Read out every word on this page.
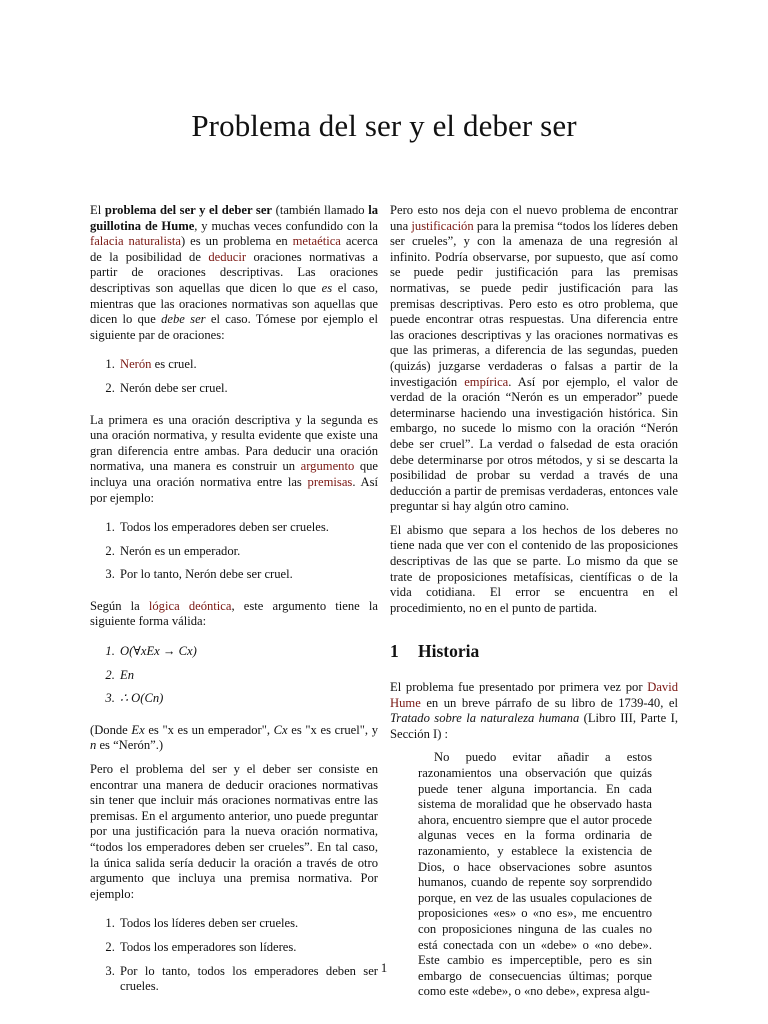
Problema del ser y el deber ser

El problema del ser y el deber ser (también llamado la guillotina de Hume, y muchas veces confundido con la falacia naturalista) es un problema en metaética acerca de la posibilidad de deducir oraciones normativas a partir de oraciones descriptivas. Las oraciones descriptivas son aquellas que dicen lo que es el caso, mientras que las oraciones normativas son aquellas que dicen lo que debe ser el caso. Tómese por ejemplo el siguiente par de oraciones:

1. Nerón es cruel.
2. Nerón debe ser cruel.

La primera es una oración descriptiva y la segunda es una oración normativa, y resulta evidente que existe una gran diferencia entre ambas. Para deducir una oración normativa, una manera es construir un argumento que incluya una oración normativa entre las premisas. Así por ejemplo:

1. Todos los emperadores deben ser crueles.
2. Nerón es un emperador.
3. Por lo tanto, Nerón debe ser cruel.

Según la lógica deóntica, este argumento tiene la siguiente forma válida:

1. O(∀xEx → Cx)
2. En
3. ∴ O(Cn)

(Donde Ex es "x es un emperador", Cx es "x es cruel", y n es “Nerón”.)

Pero el problema del ser y el deber ser consiste en encontrar una manera de deducir oraciones normativas sin tener que incluir más oraciones normativas entre las premisas. En el argumento anterior, uno puede preguntar por una justificación para la nueva oración normativa, “todos los emperadores deben ser crueles”. En tal caso, la única salida sería deducir la oración a través de otro argumento que incluya una premisa normativa. Por ejemplo:

1. Todos los líderes deben ser crueles.
2. Todos los emperadores son líderes.
3. Por lo tanto, todos los emperadores deben ser crueles.

Pero esto nos deja con el nuevo problema de encontrar una justificación para la premisa “todos los líderes deben ser crueles”, y con la amenaza de una regresión al infinito. Podría observarse, por supuesto, que así como se puede pedir justificación para las premisas normativas, se puede pedir justificación para las premisas descriptivas. Pero esto es otro problema, que puede encontrar otras respuestas. Una diferencia entre las oraciones descriptivas y las oraciones normativas es que las primeras, a diferencia de las segundas, pueden (quizás) juzgarse verdaderas o falsas a partir de la investigación empírica. Así por ejemplo, el valor de verdad de la oración “Nerón es un emperador” puede determinarse haciendo una investigación histórica. Sin embargo, no sucede lo mismo con la oración “Nerón debe ser cruel”. La verdad o falsedad de esta oración debe determinarse por otros métodos, y si se descarta la posibilidad de probar su verdad a través de una deducción a partir de premisas verdaderas, entonces vale preguntar si hay algún otro camino.

El abismo que separa a los hechos de los deberes no tiene nada que ver con el contenido de las proposiciones descriptivas de las que se parte. Lo mismo da que se trate de proposiciones metafísicas, científicas o de la vida cotidiana. El error se encuentra en el procedimiento, no en el punto de partida.

1 Historia

El problema fue presentado por primera vez por David Hume en un breve párrafo de su libro de 1739-40, el Tratado sobre la naturaleza humana (Libro III, Parte I, Sección I) :

No puedo evitar añadir a estos razonamientos una observación que quizás puede tener alguna importancia. En cada sistema de moralidad que he observado hasta ahora, encuentro siempre que el autor procede algunas veces en la forma ordinaria de razonamiento, y establece la existencia de Dios, o hace observaciones sobre asuntos humanos, cuando de repente soy sorprendido porque, en vez de las usuales copulaciones de proposiciones «es» o «no es», me encuentro con proposiciones ninguna de las cuales no está conectada con un «debe» o «no debe». Este cambio es imperceptible, pero es sin embargo de consecuencias últimas; porque como este «debe», o «no debe», expresa algu-

1
